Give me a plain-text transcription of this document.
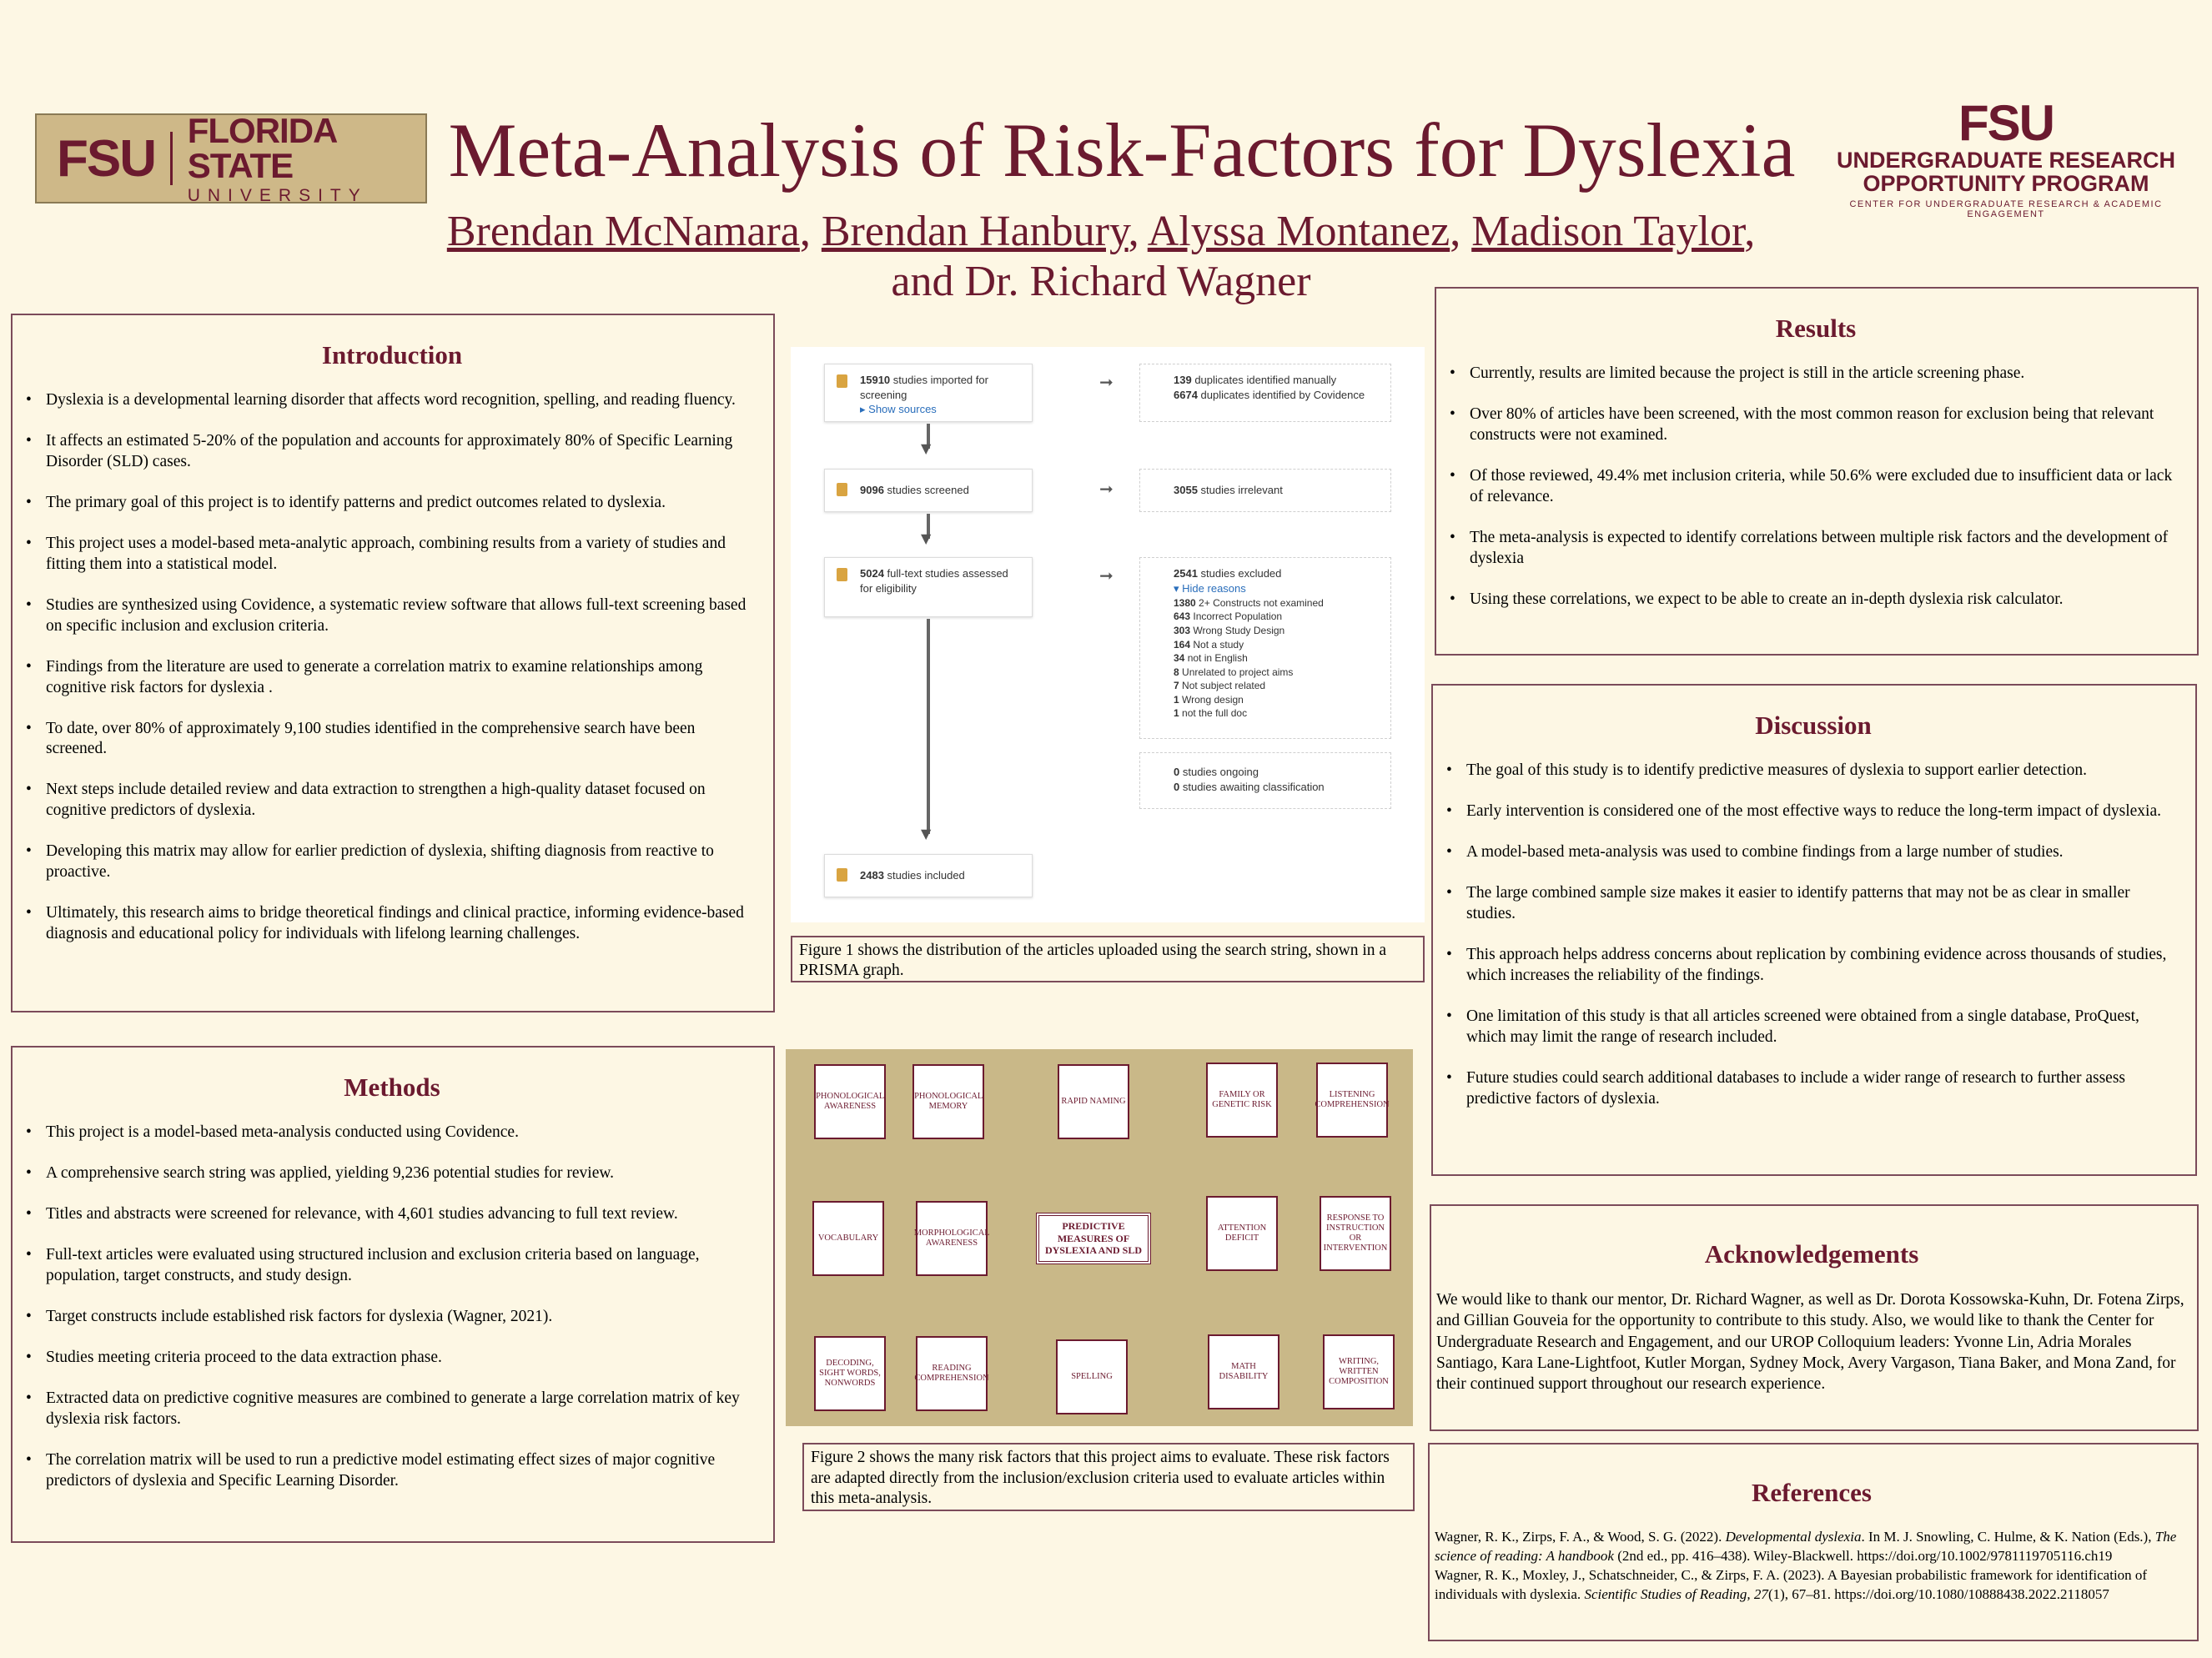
FSU FLORIDA STATE
UNIVERSITY
Meta-Analysis of Risk-Factors for Dyslexia
Brendan McNamara, Brendan Hanbury, Alyssa Montanez, Madison Taylor,
and Dr. Richard Wagner
FSU
UNDERGRADUATE RESEARCH
OPPORTUNITY PROGRAM
CENTER FOR UNDERGRADUATE RESEARCH & ACADEMIC ENGAGEMENT
Introduction
• Dyslexia is a developmental learning disorder that affects word recognition, spelling, and reading fluency.
• It affects an estimated 5-20% of the population and accounts for approximately 80% of Specific Learning Disorder (SLD) cases.
• The primary goal of this project is to identify patterns and predict outcomes related to dyslexia.
• This project uses a model-based meta-analytic approach, combining results from a variety of studies and fitting them into a statistical model.
• Studies are synthesized using Covidence, a systematic review software that allows full-text screening based on specific inclusion and exclusion criteria.
• Findings from the literature are used to generate a correlation matrix to examine relationships among cognitive risk factors for dyslexia .
• To date, over 80% of approximately 9,100 studies identified in the comprehensive search have been screened.
• Next steps include detailed review and data extraction to strengthen a high-quality dataset focused on cognitive predictors of dyslexia.
• Developing this matrix may allow for earlier prediction of dyslexia, shifting diagnosis from reactive to proactive.
• Ultimately, this research aims to bridge theoretical findings and clinical practice, informing evidence-based diagnosis and educational policy for individuals with lifelong learning challenges.
Methods
• This project is a model-based meta-analysis conducted using Covidence.
• A comprehensive search string was applied, yielding 9,236 potential studies for review.
• Titles and abstracts were screened for relevance, with 4,601 studies advancing to full text review.
• Full-text articles were evaluated using structured inclusion and exclusion criteria based on language, population, target constructs, and study design.
• Target constructs include established risk factors for dyslexia (Wagner, 2021).
• Studies meeting criteria proceed to the data extraction phase.
• Extracted data on predictive cognitive measures are combined to generate a large correlation matrix of key dyslexia risk factors.
• The correlation matrix will be used to run a predictive model estimating effect sizes of major cognitive predictors of dyslexia and Specific Learning Disorder.
15910 studies imported for screening
▸ Show sources
▼
9096 studies screened
▼
5024 full-text studies assessed for eligibility
▼
2483 studies included
➞
➞
➞
139 duplicates identified manually
6674 duplicates identified by Covidence
3055 studies irrelevant
2541 studies excluded
▾ Hide reasons
1380 2+ Constructs not examined
643 Incorrect Population
303 Wrong Study Design
164 Not a study
34 not in English
8 Unrelated to project aims
7 Not subject related
1 Wrong design
1 not the full doc
0 studies ongoing
0 studies awaiting classification
Figure 1 shows the distribution of the articles uploaded using the search string, shown in a PRISMA graph.
PHONOLOGICAL AWARENESS
PHONOLOGICAL MEMORY
RAPID NAMING
FAMILY OR GENETIC RISK
LISTENING COMPREHENSION
VOCABULARY
MORPHOLOGICAL AWARENESS
PREDICTIVE MEASURES OF DYSLEXIA AND SLD
ATTENTION DEFICIT
RESPONSE TO INSTRUCTION OR INTERVENTION
DECODING, SIGHT WORDS, NONWORDS
READING COMPREHENSION	SPELLING
MATH DISABILITY
WRITING, WRITTEN COMPOSITION
Figure 2 shows the many risk factors that this project aims to evaluate. These risk factors are adapted directly from the inclusion/exclusion criteria used to evaluate articles within this meta-analysis.
Results
• Currently, results are limited because the project is still in the article screening phase.
• Over 80% of articles have been screened, with the most common reason for exclusion being that relevant constructs were not examined.
• Of those reviewed, 49.4% met inclusion criteria, while 50.6% were excluded due to insufficient data or lack of relevance.
• The meta-analysis is expected to identify correlations between multiple risk factors and the development of dyslexia
• Using these correlations, we expect to be able to create an in-depth dyslexia risk calculator.
Discussion
• The goal of this study is to identify predictive measures of dyslexia to support earlier detection.
• Early intervention is considered one of the most effective ways to reduce the long-term impact of dyslexia.
• A model-based meta-analysis was used to combine findings from a large number of studies.
• The large combined sample size makes it easier to identify patterns that may not be as clear in smaller studies.
• This approach helps address concerns about replication by combining evidence across thousands of studies, which increases the reliability of the findings.
• One limitation of this study is that all articles screened were obtained from a single database, ProQuest, which may limit the range of research included.
• Future studies could search additional databases to include a wider range of research to further assess predictive factors of dyslexia.
Acknowledgements

We would like to thank our mentor, Dr. Richard Wagner, as well as Dr. Dorota Kossowska-Kuhn, Dr. Fotena Zirps, and Gillian Gouveia for the opportunity to contribute to this study. Also, we would like to thank the Center for Undergraduate Research and Engagement, and our UROP Colloquium leaders: Yvonne Lin, Adria Morales Santiago, Kara Lane-Lightfoot, Kutler Morgan, Sydney Mock, Avery Vargason, Tiana Baker, and Mona Zand, for their continued support throughout our research experience.

References

Wagner, R. K., Zirps, F. A., & Wood, S. G. (2022). Developmental dyslexia. In M. J. Snowling, C. Hulme, & K. Nation (Eds.), The science of reading: A handbook (2nd ed., pp. 416–438). Wiley-Blackwell. https://doi.org/10.1002/9781119705116.ch19

Wagner, R. K., Moxley, J., Schatschneider, C., & Zirps, F. A. (2023). A Bayesian probabilistic framework for identification of individuals with dyslexia. Scientific Studies of Reading, 27(1), 67–81. https://doi.org/10.1080/10888438.2022.2118057
